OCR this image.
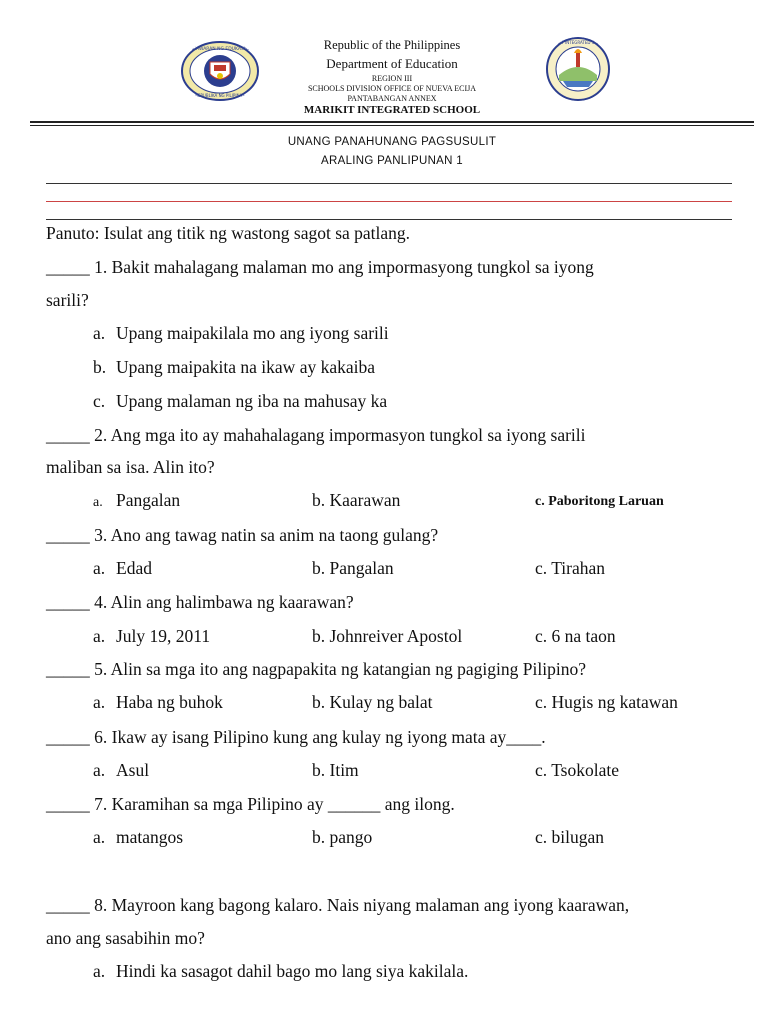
KAGAWARAN NG EDUKASYON
REPUBLIKA NG PILIPINAS
MARIKIT INTEGRATED SCHOOL
Republic of the Philippines
Department of Education
REGION III
SCHOOLS DIVISION OFFICE OF NUEVA ECIJA
PANTABANGAN ANNEX
MARIKIT INTEGRATED SCHOOL
UNANG PANAHUNANG PAGSUSULIT
ARALING PANLIPUNAN 1
Panuto: Isulat ang titik ng wastong sagot sa patlang.
_____ 1. Bakit mahalagang malaman mo ang impormasyong tungkol sa iyong
sarili?
a. Upang maipakilala mo ang iyong sarili
b. Upang maipakita na ikaw ay kakaiba
c. Upang malaman ng iba na mahusay ka
_____ 2. Ang mga ito ay mahahalagang impormasyon tungkol sa iyong sarili
maliban sa isa. Alin ito?
a. Pangalan	b. Kaarawan	c. Paboritong Laruan
_____ 3. Ano ang tawag natin sa anim na taong gulang?
a. Edad	b. Pangalan	c. Tirahan
_____ 4. Alin ang halimbawa ng kaarawan?
a. July 19, 2011	b. Johnreiver Apostol	c. 6 na taon
_____ 5. Alin sa mga ito ang nagpapakita ng katangian ng pagiging Pilipino?
a. Haba ng buhok	b. Kulay ng balat	c. Hugis ng katawan
_____ 6. Ikaw ay isang Pilipino kung ang kulay ng iyong mata ay____.
a. Asul	b. Itim	c. Tsokolate
_____ 7. Karamihan sa mga Pilipino ay ______ ang ilong.
a. matangos	b. pango	c. bilugan
_____ 8. Mayroon kang bagong kalaro. Nais niyang malaman ang iyong kaarawan,
ano ang sasabihin mo?
a. Hindi ka sasagot dahil bago mo lang siya kakilala.
